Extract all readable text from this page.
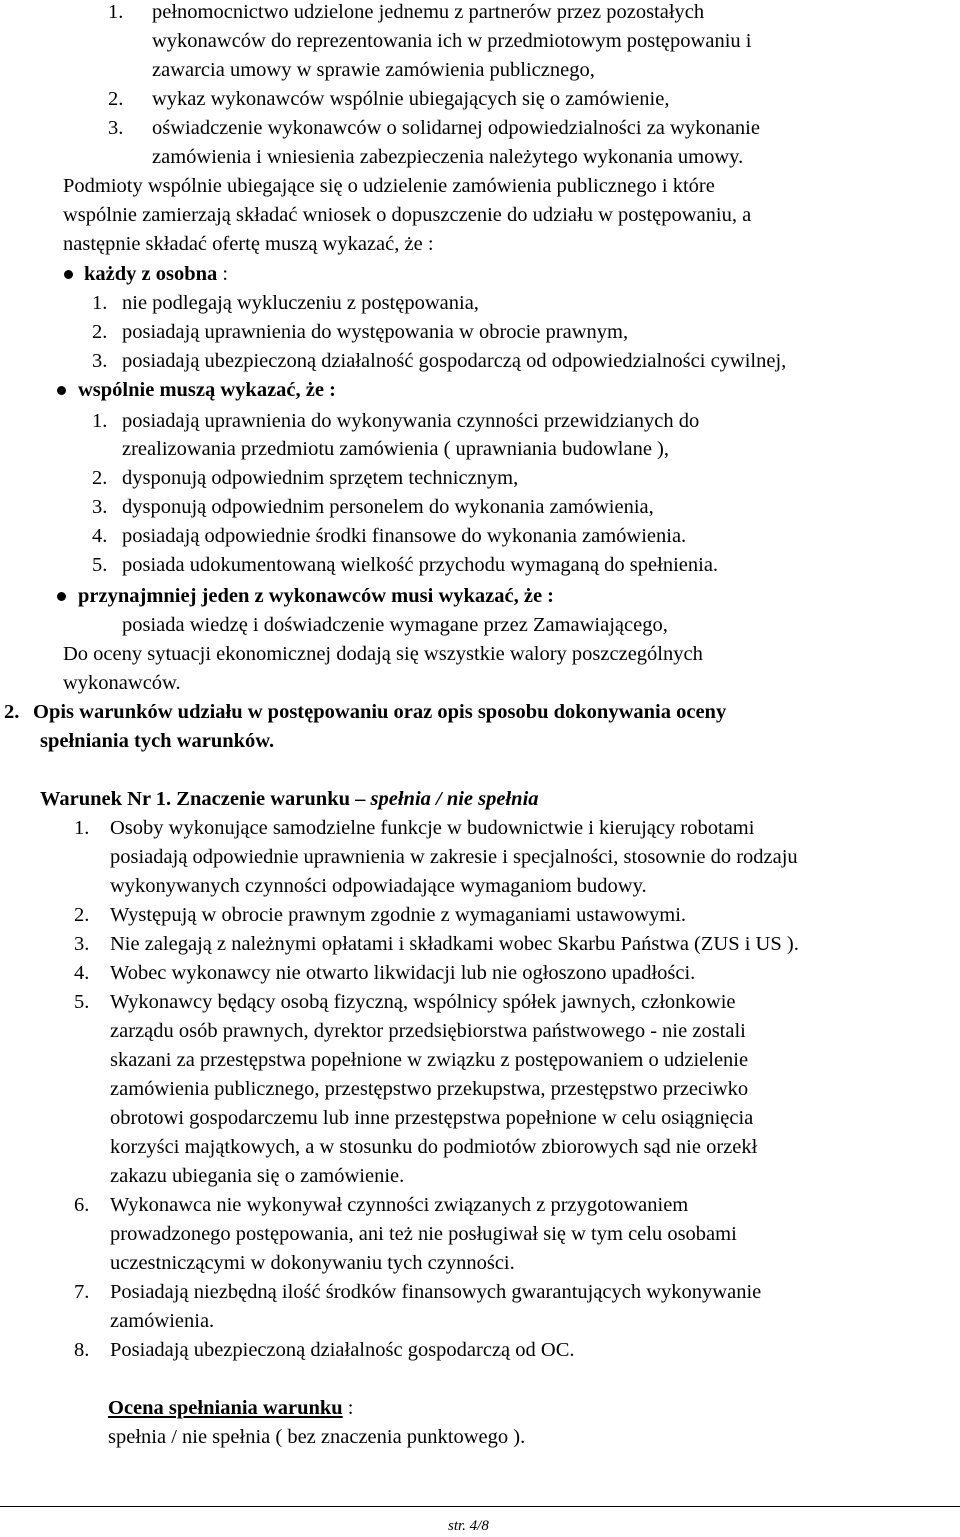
1. pełnomocnictwo udzielone jednemu z partnerów przez pozostałych
wykonawców do reprezentowania ich w przedmiotowym postępowaniu i
zawarcia umowy w sprawie zamówienia publicznego,
2. wykaz wykonawców wspólnie ubiegających się o zamówienie,
3. oświadczenie wykonawców o solidarnej odpowiedzialności za wykonanie
zamówienia i wniesienia zabezpieczenia należytego wykonania umowy.
Podmioty wspólnie ubiegające się o udzielenie zamówienia publicznego i które
wspólnie zamierzają składać wniosek o dopuszczenie do udziału w postępowaniu, a
następnie składać ofertę muszą wykazać, że :
każdy z osobna :
1. nie podlegają wykluczeniu z postępowania,
2. posiadają uprawnienia do występowania w obrocie prawnym,
3. posiadają ubezpieczoną działalność gospodarczą od odpowiedzialności cywilnej,
wspólnie muszą wykazać, że :
1. posiadają uprawnienia do wykonywania czynności przewidzianych do
zrealizowania przedmiotu zamówienia ( uprawniania budowlane ),
2. dysponują odpowiednim sprzętem technicznym,
3. dysponują odpowiednim personelem do wykonania zamówienia,
4. posiadają odpowiednie środki finansowe do wykonania zamówienia.
5. posiada udokumentowaną wielkość przychodu wymaganą do spełnienia.
przynajmniej jeden z wykonawców musi wykazać, że :
posiada wiedzę i doświadczenie wymagane przez Zamawiającego,
Do oceny sytuacji ekonomicznej dodają się wszystkie walory poszczególnych
wykonawców.
2. Opis warunków udziału w postępowaniu oraz opis sposobu dokonywania oceny
spełniania tych warunków.
Warunek Nr 1. Znaczenie warunku – spełnia / nie spełnia
1. Osoby wykonujące samodzielne funkcje w budownictwie i kierujący robotami
posiadają odpowiednie uprawnienia w zakresie i specjalności, stosownie do rodzaju
wykonywanych czynności odpowiadające wymaganiom budowy.
2. Występują w obrocie prawnym zgodnie z wymaganiami ustawowymi.
3. Nie zalegają z należnymi opłatami i składkami wobec Skarbu Państwa (ZUS i US ).
4. Wobec wykonawcy nie otwarto likwidacji lub nie ogłoszono upadłości.
5. Wykonawcy będący osobą fizyczną, wspólnicy spółek jawnych, członkowie
zarządu osób prawnych, dyrektor przedsiębiorstwa państwowego - nie zostali
skazani za przestępstwa popełnione w związku z postępowaniem o udzielenie
zamówienia publicznego, przestępstwo przekupstwa, przestępstwo przeciwko
obrotowi gospodarczemu lub inne przestępstwa popełnione w celu osiągnięcia
korzyści majątkowych, a w stosunku do podmiotów zbiorowych sąd nie orzekł
zakazu ubiegania się o zamówienie.
6. Wykonawca nie wykonywał czynności związanych z przygotowaniem
prowadzonego postępowania, ani też nie posługiwał się w tym celu osobami
uczestniczącymi w dokonywaniu tych czynności.
7. Posiadają niezbędną ilość środków finansowych gwarantujących wykonywanie
zamówienia.
8. Posiadają ubezpieczoną działalnośc gospodarczą od OC.
Ocena spełniania warunku :
spełnia / nie spełnia ( bez znaczenia punktowego ).
str. 4/8
